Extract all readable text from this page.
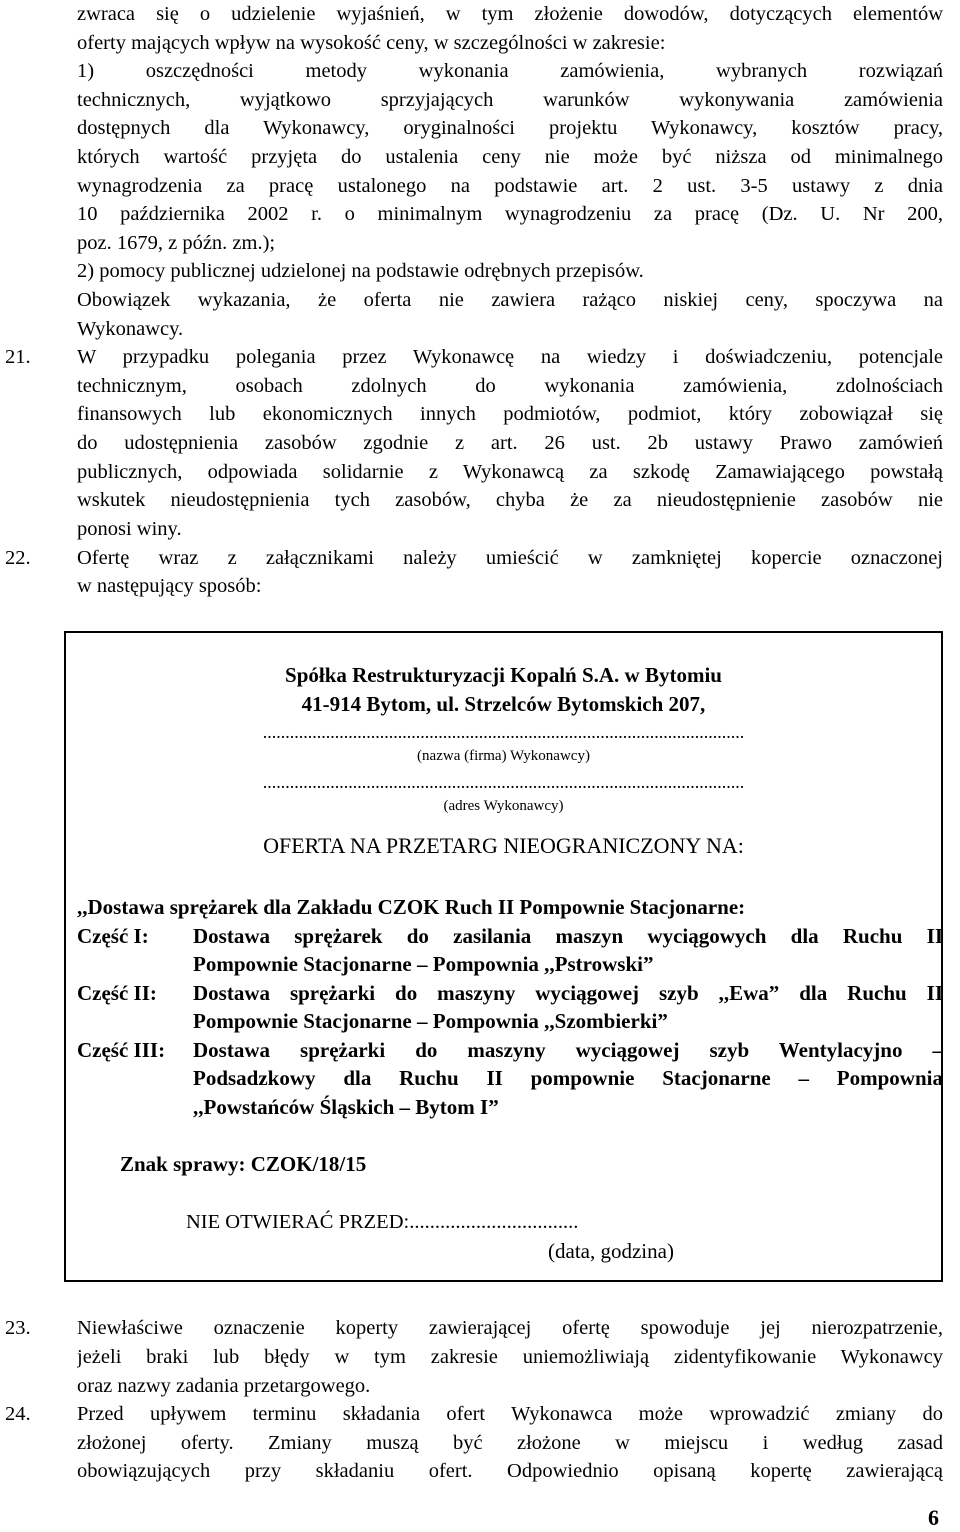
zwraca się o udzielenie wyjaśnień, w tym złożenie dowodów, dotyczących elementów
oferty mających wpływ na wysokość ceny, w szczególności w zakresie:
1) oszczędności metody wykonania zamówienia, wybranych rozwiązań
technicznych, wyjątkowo sprzyjających warunków wykonywania zamówienia
dostępnych dla Wykonawcy, oryginalności projektu Wykonawcy, kosztów pracy,
których wartość przyjęta do ustalenia ceny nie może być niższa od minimalnego
wynagrodzenia za pracę ustalonego na podstawie art. 2 ust. 3-5 ustawy z dnia
10 października 2002 r. o minimalnym wynagrodzeniu za pracę (Dz. U. Nr 200,
poz. 1679, z późn. zm.);
2) pomocy publicznej udzielonej na podstawie odrębnych przepisów.
Obowiązek wykazania, że oferta nie zawiera rażąco niskiej ceny, spoczywa na
Wykonawcy.
21. W przypadku polegania przez Wykonawcę na wiedzy i doświadczeniu, potencjale
technicznym, osobach zdolnych do wykonania zamówienia, zdolnościach
finansowych lub ekonomicznych innych podmiotów, podmiot, który zobowiązał się
do udostępnienia zasobów zgodnie z art. 26 ust. 2b ustawy Prawo zamówień
publicznych, odpowiada solidarnie z Wykonawcą za szkodę Zamawiającego powstałą
wskutek nieudostępnienia tych zasobów, chyba że za nieudostępnienie zasobów nie
ponosi winy.
22. Ofertę wraz z załącznikami należy umieścić w zamkniętej kopercie oznaczonej
w następujący sposób:
Spółka Restrukturyzacji Kopalń S.A. w Bytomiu
41-914 Bytom, ul. Strzelców Bytomskich 207,
...........................................................................................................
(nazwa (firma) Wykonawcy)
...........................................................................................................
(adres Wykonawcy)
OFERTA NA PRZETARG NIEOGRANICZONY NA:
,,Dostawa sprężarek dla Zakładu CZOK Ruch II Pompownie Stacjonarne:
Część I: Dostawa sprężarek do zasilania maszyn wyciągowych dla Ruchu II
Pompownie Stacjonarne – Pompownia ,,Pstrowski”
Część II: Dostawa sprężarki do maszyny wyciągowej szyb ,,Ewa” dla Ruchu II
Pompownie Stacjonarne – Pompownia ,,Szombierki”
Część III: Dostawa sprężarki do maszyny wyciągowej szyb Wentylacyjno –
Podsadzkowy dla Ruchu II pompownie Stacjonarne – Pompownia
,,Powstańców Śląskich – Bytom I”
Znak sprawy: CZOK/18/15
NIE OTWIERAĆ PRZED:.................................
(data, godzina)
23. Niewłaściwe oznaczenie koperty zawierającej ofertę spowoduje jej nierozpatrzenie,
jeżeli braki lub błędy w tym zakresie uniemożliwiają zidentyfikowanie Wykonawcy
oraz nazwy zadania przetargowego.
24. Przed upływem terminu składania ofert Wykonawca może wprowadzić zmiany do
złożonej oferty. Zmiany muszą być złożone w miejscu i według zasad
obowiązujących przy składaniu ofert. Odpowiednio opisaną kopertę zawierającą
6
